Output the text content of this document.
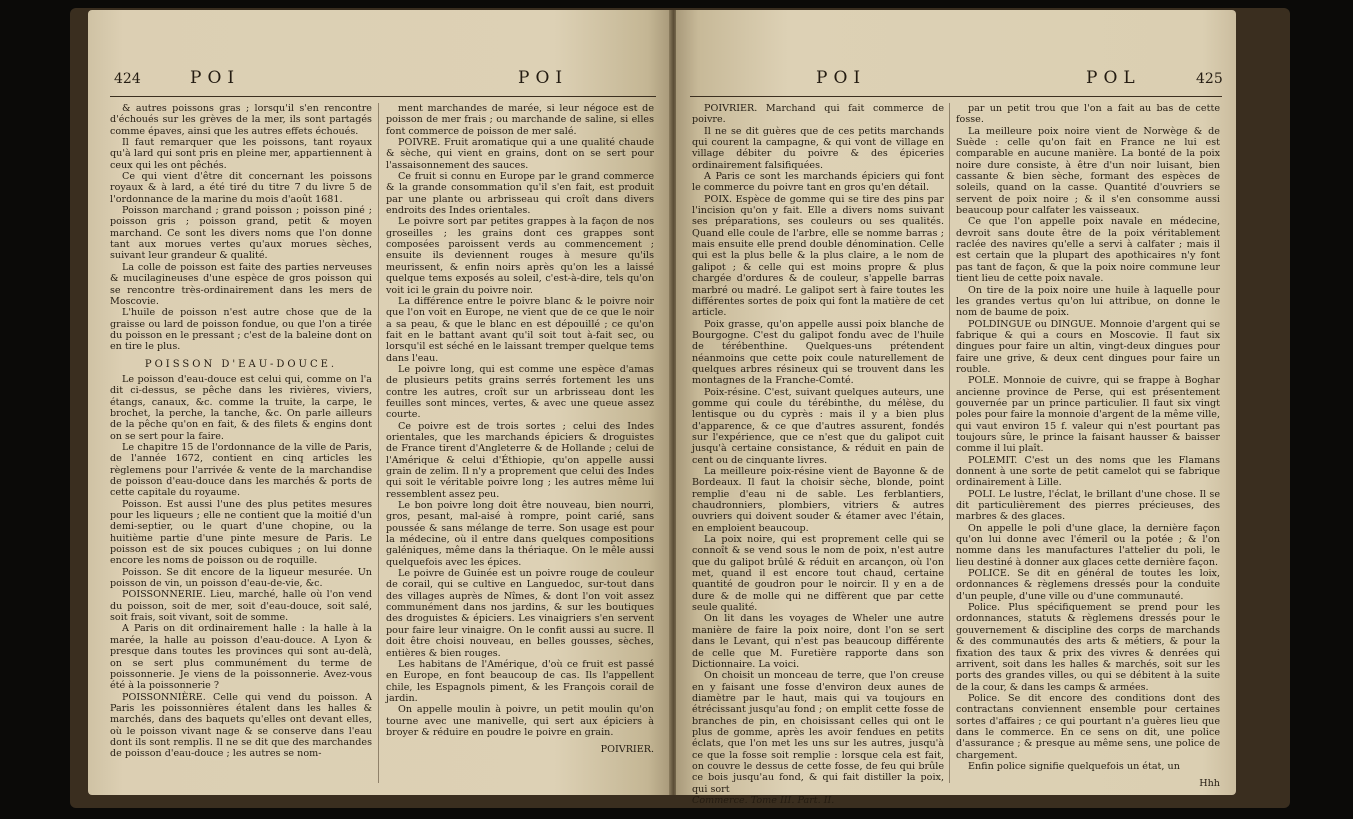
424	POI	POI

& autres poissons gras ; lorsqu'il s'en rencontre d'échoués sur les grèves de la mer, ils sont partagés comme épaves, ainsi que les autres effets échoués.

Il faut remarquer que les poissons, tant royaux qu'à lard qui sont pris en pleine mer, appartiennent à ceux qui les ont pêchés.

Ce qui vient d'être dit concernant les poissons royaux & à lard, a été tiré du titre 7 du livre 5 de l'ordonnance de la marine du mois d'août 1681.

Poisson marchand ; grand poisson ; poisson piné ; poisson gris ; poisson grand, petit & moyen marchand. Ce sont les divers noms que l'on donne tant aux morues vertes qu'aux morues sèches, suivant leur grandeur & qualité.

La colle de poisson est faite des parties nerveuses & mucilagineuses d'une espèce de gros poisson qui se rencontre très-ordinairement dans les mers de Moscovie.

L'huile de poisson n'est autre chose que de la graisse ou lard de poisson fondue, ou que l'on a tirée du poisson en le pressant ; c'est de la baleine dont on en tire le plus.

POISSON D'EAU-DOUCE.

Le poisson d'eau-douce est celui qui, comme on l'a dit ci-dessus, se pêche dans les rivières, viviers, étangs, canaux, &c. comme la truite, la carpe, le brochet, la perche, la tanche, &c. On parle ailleurs de la pêche qu'on en fait, & des filets & engins dont on se sert pour la faire.

Le chapitre 15 de l'ordonnance de la ville de Paris, de l'année 1672, contient en cinq articles les règlemens pour l'arrivée & vente de la marchandise de poisson d'eau-douce dans les marchés & ports de cette capitale du royaume.

Poisson. Est aussi l'une des plus petites mesures pour les liqueurs ; elle ne contient que la moitié d'un demi-septier, ou le quart d'une chopine, ou la huitième partie d'une pinte mesure de Paris. Le poisson est de six pouces cubiques ; on lui donne encore les noms de poisson ou de roquille.

Poisson. Se dit encore de la liqueur mesurée. Un poisson de vin, un poisson d'eau-de-vie, &c.

POISSONNERIE. Lieu, marché, halle où l'on vend du poisson, soit de mer, soit d'eau-douce, soit salé, soit frais, soit vivant, soit de somme.

A Paris on dit ordinairement halle : la halle à la marée, la halle au poisson d'eau-douce. A Lyon & presque dans toutes les provinces qui sont au-delà, on se sert plus communément du terme de poissonnerie. Je viens de la poissonnerie. Avez-vous été à la poissonnerie ?

POISSONNIÈRE. Celle qui vend du poisson. A Paris les poissonnières étalent dans les halles & marchés, dans des baquets qu'elles ont devant elles, où le poisson vivant nage & se conserve dans l'eau dont ils sont remplis. Il ne se dit que des marchandes de poisson d'eau-douce ; les autres se nom-

ment marchandes de marée, si leur négoce est de poisson de mer frais ; ou marchande de saline, si elles font commerce de poisson de mer salé.

POIVRE. Fruit aromatique qui a une qualité chaude & sèche, qui vient en grains, dont on se sert pour l'assaisonnement des sauces.

Ce fruit si connu en Europe par le grand commerce & la grande consommation qu'il s'en fait, est produit par une plante ou arbrisseau qui croît dans divers endroits des Indes orientales.

Le poivre sort par petites grappes à la façon de nos groseilles ; les grains dont ces grappes sont composées paroissent verds au commencement ; ensuite ils deviennent rouges à mesure qu'ils meurissent, & enfin noirs après qu'on les a laissé quelque tems exposés au soleil, c'est-à-dire, tels qu'on voit ici le grain du poivre noir.

La différence entre le poivre blanc & le poivre noir que l'on voit en Europe, ne vient que de ce que le noir a sa peau, & que le blanc en est dépouillé ; ce qu'on fait en le battant avant qu'il soit tout à-fait sec, ou lorsqu'il est séché en le laissant tremper quelque tems dans l'eau.

Le poivre long, qui est comme une espèce d'amas de plusieurs petits grains serrés fortement les uns contre les autres, croît sur un arbrisseau dont les feuilles sont minces, vertes, & avec une queue assez courte.

Ce poivre est de trois sortes ; celui des Indes orientales, que les marchands épiciers & droguistes de France tirent d'Angleterre & de Hollande ; celui de l'Amérique & celui d'Éthiopie, qu'on appelle aussi grain de zelim. Il n'y a proprement que celui des Indes qui soit le véritable poivre long ; les autres même lui ressemblent assez peu.

Le bon poivre long doit être nouveau, bien nourri, gros, pesant, mal-aisé à rompre, point carié, sans poussée & sans mélange de terre. Son usage est pour la médecine, où il entre dans quelques compositions galéniques, même dans la thériaque. On le mêle aussi quelquefois avec les épices.

Le poivre de Guinée est un poivre rouge de couleur de corail, qui se cultive en Languedoc, sur-tout dans des villages auprès de Nîmes, & dont l'on voit assez communément dans nos jardins, & sur les boutiques des droguistes & épiciers. Les vinaigriers s'en servent pour faire leur vinaigre. On le confit aussi au sucre. Il doit être choisi nouveau, en belles gousses, sèches, entières & bien rouges.

Les habitans de l'Amérique, d'où ce fruit est passé en Europe, en font beaucoup de cas. Ils l'appellent chile, les Espagnols piment, & les François corail de jardin.

On appelle moulin à poivre, un petit moulin qu'on tourne avec une manivelle, qui sert aux épiciers à broyer & réduire en poudre le poivre en grain.

POIVRIER.

POI	POL	425

POIVRIER. Marchand qui fait commerce de poivre.

Il ne se dit guères que de ces petits marchands qui courent la campagne, & qui vont de village en village débiter du poivre & des épiceries ordinairement falsifiquées.

A Paris ce sont les marchands épiciers qui font le commerce du poivre tant en gros qu'en détail.

POIX. Espèce de gomme qui se tire des pins par l'incision qu'on y fait. Elle a divers noms suivant ses préparations, ses couleurs ou ses qualités. Quand elle coule de l'arbre, elle se nomme barras ; mais ensuite elle prend double dénomination. Celle qui est la plus belle & la plus claire, a le nom de galipot ; & celle qui est moins propre & plus chargée d'ordures & de couleur, s'appelle barras marbré ou madré. Le galipot sert à faire toutes les différentes sortes de poix qui font la matière de cet article.

Poix grasse, qu'on appelle aussi poix blanche de Bourgogne. C'est du galipot fondu avec de l'huile de térébenthine. Quelques-uns prétendent néanmoins que cette poix coule naturellement de quelques arbres résineux qui se trouvent dans les montagnes de la Franche-Comté.

Poix-résine. C'est, suivant quelques auteurs, une gomme qui coule du térébinthe, du mélèse, du lentisque ou du cyprès : mais il y a bien plus d'apparence, & ce que d'autres assurent, fondés sur l'expérience, que ce n'est que du galipot cuit jusqu'à certaine consistance, & réduit en pain de cent ou de cinquante livres.

La meilleure poix-résine vient de Bayonne & de Bordeaux. Il faut la choisir sèche, blonde, point remplie d'eau ni de sable. Les ferblantiers, chaudronniers, plombiers, vitriers & autres ouvriers qui doivent souder & étamer avec l'étain, en emploient beaucoup.

La poix noire, qui est proprement celle qui se connoît & se vend sous le nom de poix, n'est autre que du galipot brûlé & réduit en arcançon, où l'on met, quand il est encore tout chaud, certaine quantité de goudron pour le noircir. Il y en a de dure & de molle qui ne diffèrent que par cette seule qualité.

On lit dans les voyages de Wheler une autre manière de faire la poix noire, dont l'on se sert dans le Levant, qui n'est pas beaucoup différente de celle que M. Furetière rapporte dans son Dictionnaire. La voici.

On choisit un monceau de terre, que l'on creuse en y faisant une fosse d'environ deux aunes de diamètre par le haut, mais qui va toujours en étrécissant jusqu'au fond ; on emplit cette fosse de branches de pin, en choisissant celles qui ont le plus de gomme, après les avoir fendues en petits éclats, que l'on met les uns sur les autres, jusqu'à ce que la fosse soit remplie : lorsque cela est fait, on couvre le dessus de cette fosse, de feu qui brûle ce bois jusqu'au fond, & qui fait distiller la poix, qui sort

Commerce. Tome III. Part. II.

par un petit trou que l'on a fait au bas de cette fosse.

La meilleure poix noire vient de Norwège & de Suède : celle qu'on fait en France ne lui est comparable en aucune manière. La bonté de la poix noire dure consiste, à être d'un noir luisant, bien cassante & bien sèche, formant des espèces de soleils, quand on la casse. Quantité d'ouvriers se servent de poix noire ; & il s'en consomme aussi beaucoup pour calfater les vaisseaux.

Ce que l'on appelle poix navale en médecine, devroit sans doute être de la poix véritablement raclée des navires qu'elle a servi à calfater ; mais il est certain que la plupart des apothicaires n'y font pas tant de façon, & que la poix noire commune leur tient lieu de cette poix navale.

On tire de la poix noire une huile à laquelle pour les grandes vertus qu'on lui attribue, on donne le nom de baume de poix.

POLDINGUE ou DINGUE. Monnoie d'argent qui se fabrique & qui a cours en Moscovie. Il faut six dingues pour faire un altin, vingt-deux dingues pour faire une grive, & deux cent dingues pour faire un rouble.

POLE. Monnoie de cuivre, qui se frappe à Boghar ancienne province de Perse, qui est présentement gouvernée par un prince particulier. Il faut six vingt poles pour faire la monnoie d'argent de la même ville, qui vaut environ 15 f. valeur qui n'est pourtant pas toujours sûre, le prince la faisant hausser & baisser comme il lui plaît.

POLEMIT. C'est un des noms que les Flamans donnent à une sorte de petit camelot qui se fabrique ordinairement à Lille.

POLI. Le lustre, l'éclat, le brillant d'une chose. Il se dit particulièrement des pierres précieuses, des marbres & des glaces.

On appelle le poli d'une glace, la dernière façon qu'on lui donne avec l'émeril ou la potée ; & l'on nomme dans les manufactures l'attelier du poli, le lieu destiné à donner aux glaces cette dernière façon.

POLICE. Se dit en général de toutes les loix, ordonnances & règlemens dressés pour la conduite d'un peuple, d'une ville ou d'une communauté.

Police. Plus spécifiquement se prend pour les ordonnances, statuts & règlemens dressés pour le gouvernement & discipline des corps de marchands & des communautés des arts & métiers, & pour la fixation des taux & prix des vivres & denrées qui arrivent, soit dans les halles & marchés, soit sur les ports des grandes villes, ou qui se débitent à la suite de la cour, & dans les camps & armées.

Police. Se dit encore des conditions dont des contractans conviennent ensemble pour certaines sortes d'affaires ; ce qui pourtant n'a guères lieu que dans le commerce. En ce sens on dit, une police d'assurance ; & presque au même sens, une police de chargement.

Enfin police signifie quelquefois un état, un

Hhh
